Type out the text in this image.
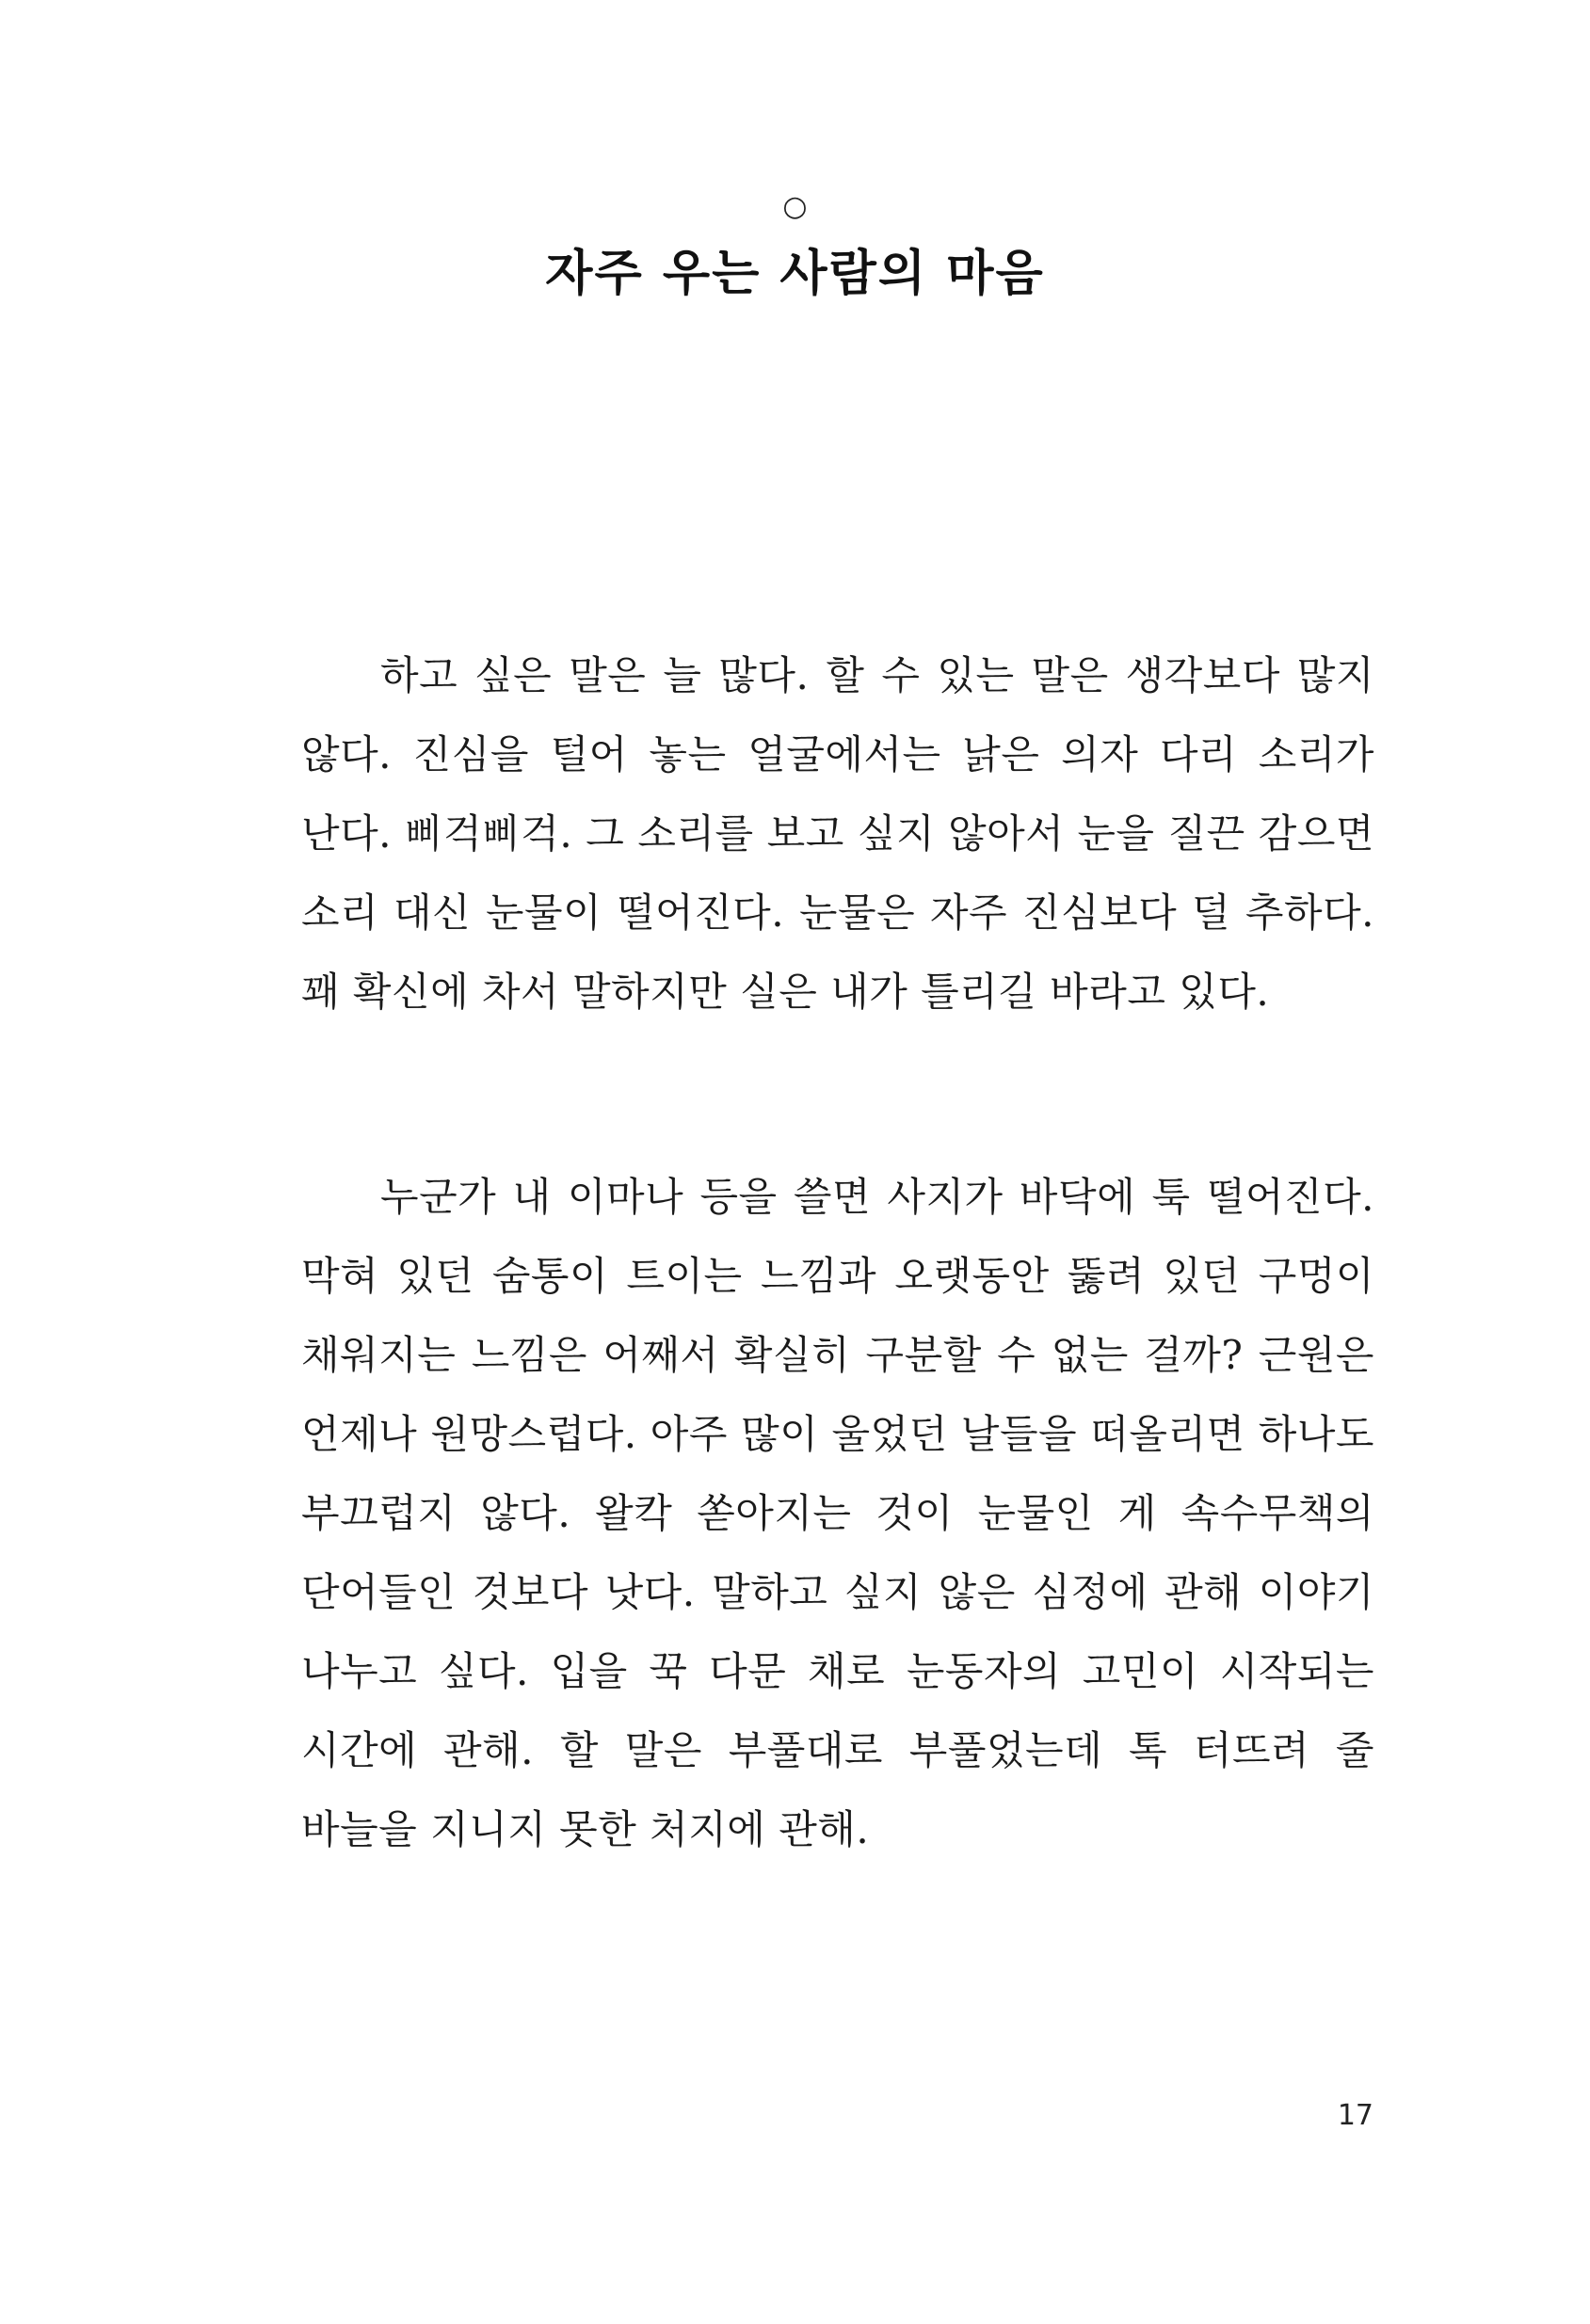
○
자주 우는 사람의 마음

하고 싶은 말은 늘 많다. 할 수 있는 말은 생각보다 많지 않다. 진심을 털어 놓는 얼굴에서는 낡은 의자 다리 소리가 난다. 삐걱삐걱. 그 소리를 보고 싶지 않아서 눈을 질끈 감으면 소리 대신 눈물이 떨어진다. 눈물은 자주 진심보다 덜 추하다. 꽤 확신에 차서 말하지만 실은 내가 틀리길 바라고 있다.

누군가 내 이마나 등을 쓸면 사지가 바닥에 툭 떨어진다. 막혀 있던 숨통이 트이는 느낌과 오랫동안 뚫려 있던 구멍이 채워지는 느낌은 어째서 확실히 구분할 수 없는 걸까? 근원은 언제나 원망스럽다. 아주 많이 울었던 날들을 떠올리면 하나도 부끄럽지 않다. 왈칵 쏟아지는 것이 눈물인 게 속수무책의 단어들인 것보다 낫다. 말하고 싶지 않은 심정에 관해 이야기 나누고 싶다. 입을 꾹 다문 채로 눈동자의 고민이 시작되는 시간에 관해. 할 말은 부풀대로 부풀었는데 톡 터뜨려 줄 바늘을 지니지 못한 처지에 관해.

17
